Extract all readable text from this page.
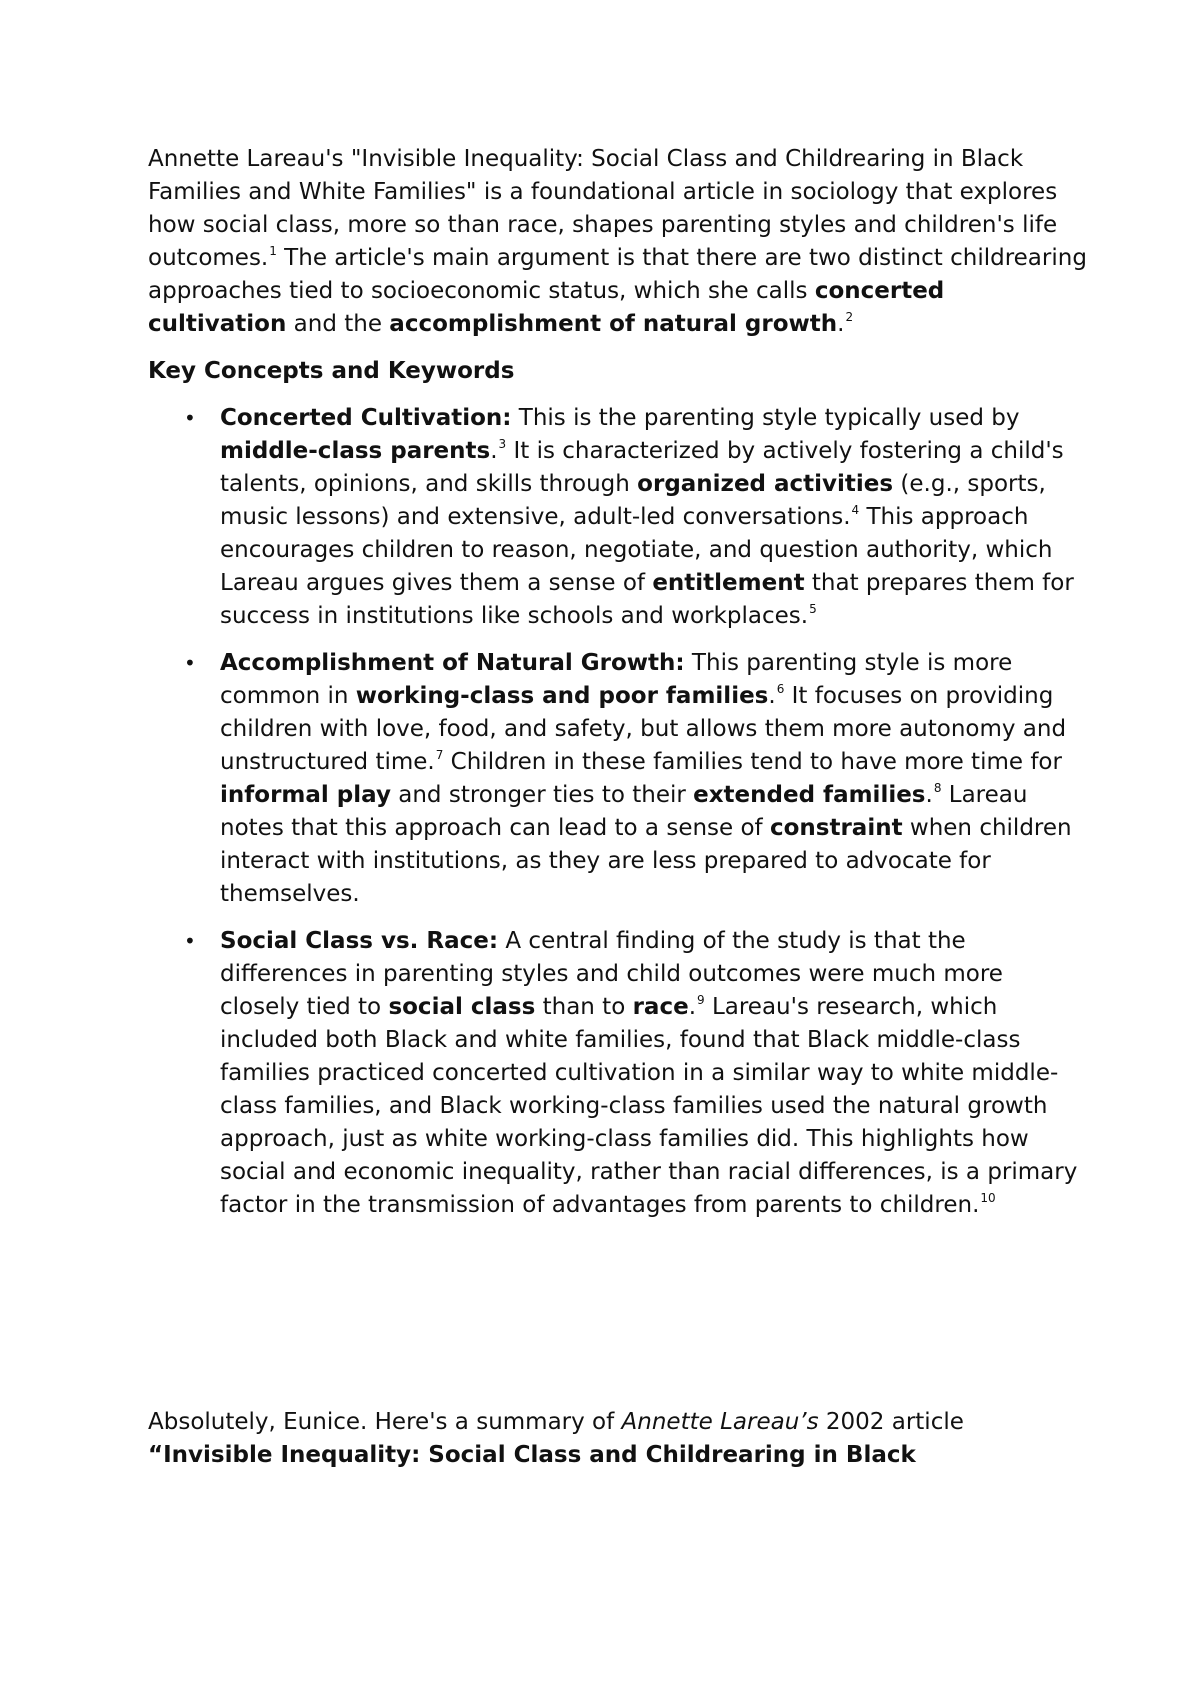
Annette Lareau's "Invisible Inequality: Social Class and Childrearing in Black Families and White Families" is a foundational article in sociology that explores how social class, more so than race, shapes parenting styles and children's life outcomes.$^1$ The article's main argument is that there are two distinct childrearing approaches tied to socioeconomic status, which she calls concerted cultivation and the accomplishment of natural growth.$^2$

Key Concepts and Keywords

• Concerted Cultivation: This is the parenting style typically used by middle-class parents.$^3$ It is characterized by actively fostering a child's talents, opinions, and skills through organized activities (e.g., sports, music lessons) and extensive, adult-led conversations.$^4$ This approach encourages children to reason, negotiate, and question authority, which Lareau argues gives them a sense of entitlement that prepares them for success in institutions like schools and workplaces.$^5$
• Accomplishment of Natural Growth: This parenting style is more common in working-class and poor families.$^6$ It focuses on providing children with love, food, and safety, but allows them more autonomy and unstructured time.$^7$ Children in these families tend to have more time for informal play and stronger ties to their extended families.$^8$ Lareau notes that this approach can lead to a sense of constraint when children interact with institutions, as they are less prepared to advocate for themselves.
• Social Class vs. Race: A central finding of the study is that the differences in parenting styles and child outcomes were much more closely tied to social class than to race.$^9$ Lareau's research, which included both Black and white families, found that Black middle-class families practiced concerted cultivation in a similar way to white middle-class families, and Black working-class families used the natural growth approach, just as white working-class families did. This highlights how social and economic inequality, rather than racial differences, is a primary factor in the transmission of advantages from parents to children.$^{10}$

Absolutely, Eunice. Here's a summary of Annette Lareau’s 2002 article “Invisible Inequality: Social Class and Childrearing in Black
